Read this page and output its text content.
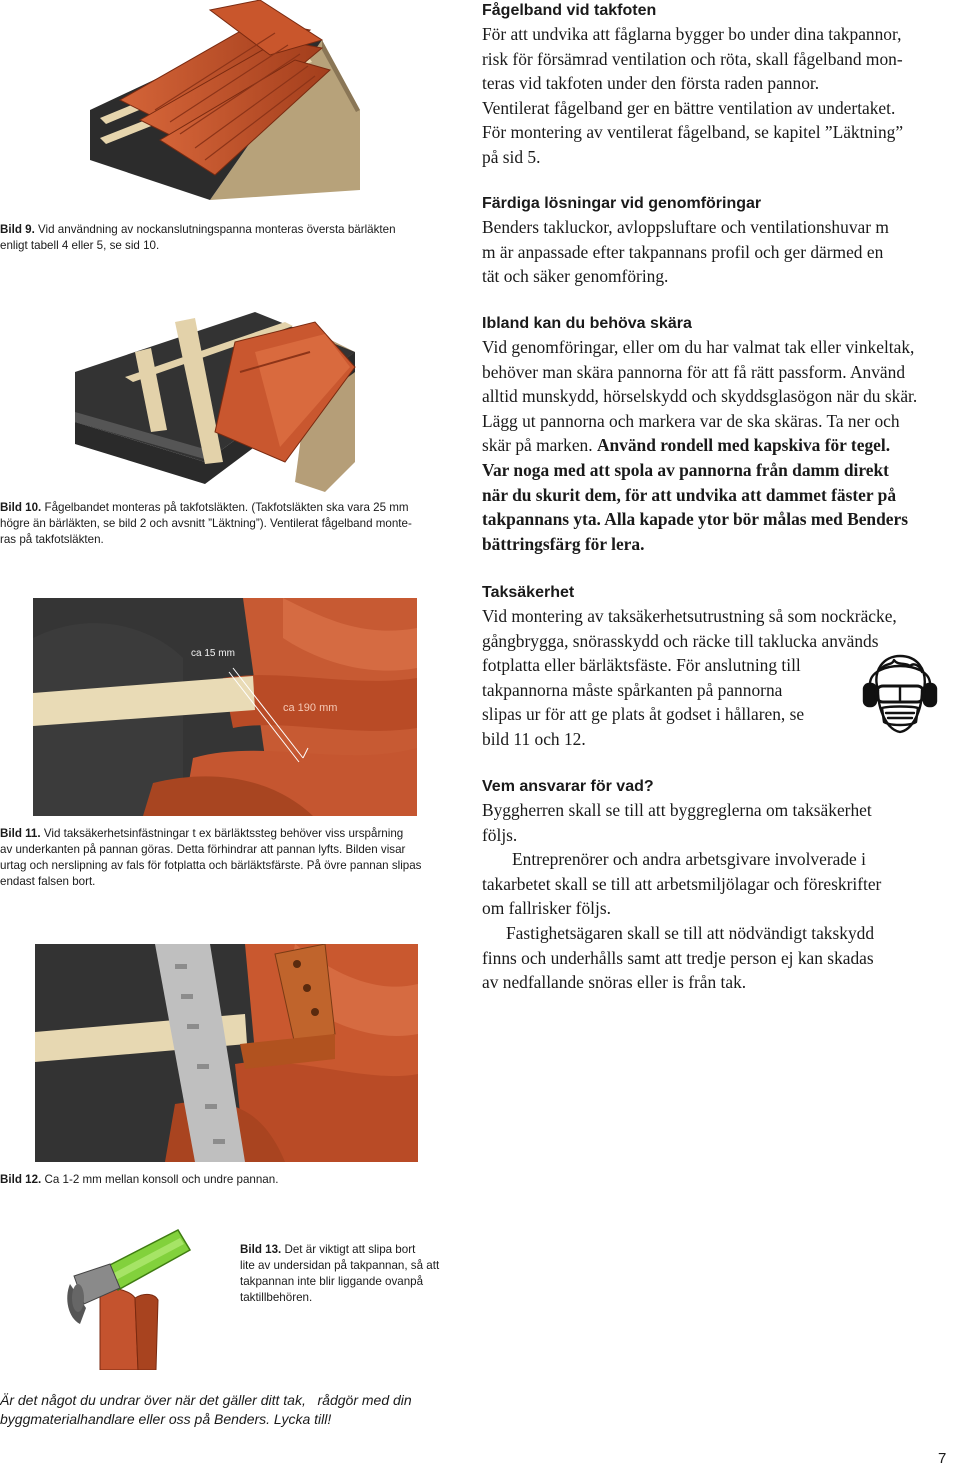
Fågelband vid takfoten

För att undvika att fåglarna bygger bo under dina takpannor,
risk för försämrad ventilation och röta, skall fågelband mon-
teras vid takfoten under den första raden pannor.
Ventilerat fågelband ger en bättre ventilation av undertaket.
För montering av ventilerat fågelband, se kapitel ”Läktning”
på sid 5.

Färdiga lösningar vid genomföringar

Benders takluckor, avloppsluftare och ventilationshuvar m
m är anpassade efter takpannans profil och ger därmed en
tät och säker genomföring.

Ibland kan du behöva skära

Vid genomföringar, eller om du har valmat tak eller vinkeltak,
behöver man skära pannorna för att få rätt passform. Använd
alltid munskydd, hörselskydd och skyddsglasögon när du skär.
Lägg ut pannorna och markera var de ska skäras. Ta ner och
skär på marken. Använd rondell med kapskiva för tegel.
Var noga med att spola av pannorna från damm direkt
när du skurit dem, för att undvika att dammet fäster på
takpannans yta. Alla kapade ytor bör målas med Benders
bättringsfärg för lera.

Taksäkerhet

Vid montering av taksäkerhetsutrustning så som nockräcke,
gångbrygga, snörasskydd och räcke till taklucka används
fotplatta eller bärläktsfäste. För anslutning till
takpannorna måste spårkanten på pannorna
slipas ur för att ge plats åt godset i hållaren, se
bild 11 och 12.

Vem ansvarar för vad?

Byggherren skall se till att byggreglerna om taksäkerhet
följs.
Entreprenörer och andra arbetsgivare involverade i
takarbetet skall se till att arbetsmiljölagar och föreskrifter
om fallrisker följs.
Fastighetsägaren skall se till att nödvändigt takskydd
finns och underhålls samt att tredje person ej kan skadas
av nedfallande snöras eller is från tak.

Bild 9. Vid användning av nockanslutningspanna monteras översta bärläkten
enligt tabell 4 eller 5, se sid 10.
Bild 10. Fågelbandet monteras på takfotsläkten. (Takfotsläkten ska vara 25 mm
högre än bärläkten, se bild 2 och avsnitt ”Läktning”). Ventilerat fågelband monte-
ras på takfotsläkten.
ca 15 mm
ca 190 mm
Bild 11. Vid taksäkerhetsinfästningar t ex bärläktssteg behöver viss urspårning
av underkanten på pannan göras. Detta förhindrar att pannan lyfts. Bilden visar
urtag och nerslipning av fals för fotplatta och bärläktsfärste. På övre pannan slipas
endast falsen bort.
Bild 12. Ca 1-2 mm mellan konsoll och undre pannan.
Bild 13. Det är viktigt att slipa bort
lite av undersidan på takpannan, så att
takpannan inte blir liggande ovanpå
taktillbehören.
Är det något du undrar över när det gäller ditt tak,   rådgör med din
byggmaterialhandlare eller oss på Benders. Lycka till!
7
